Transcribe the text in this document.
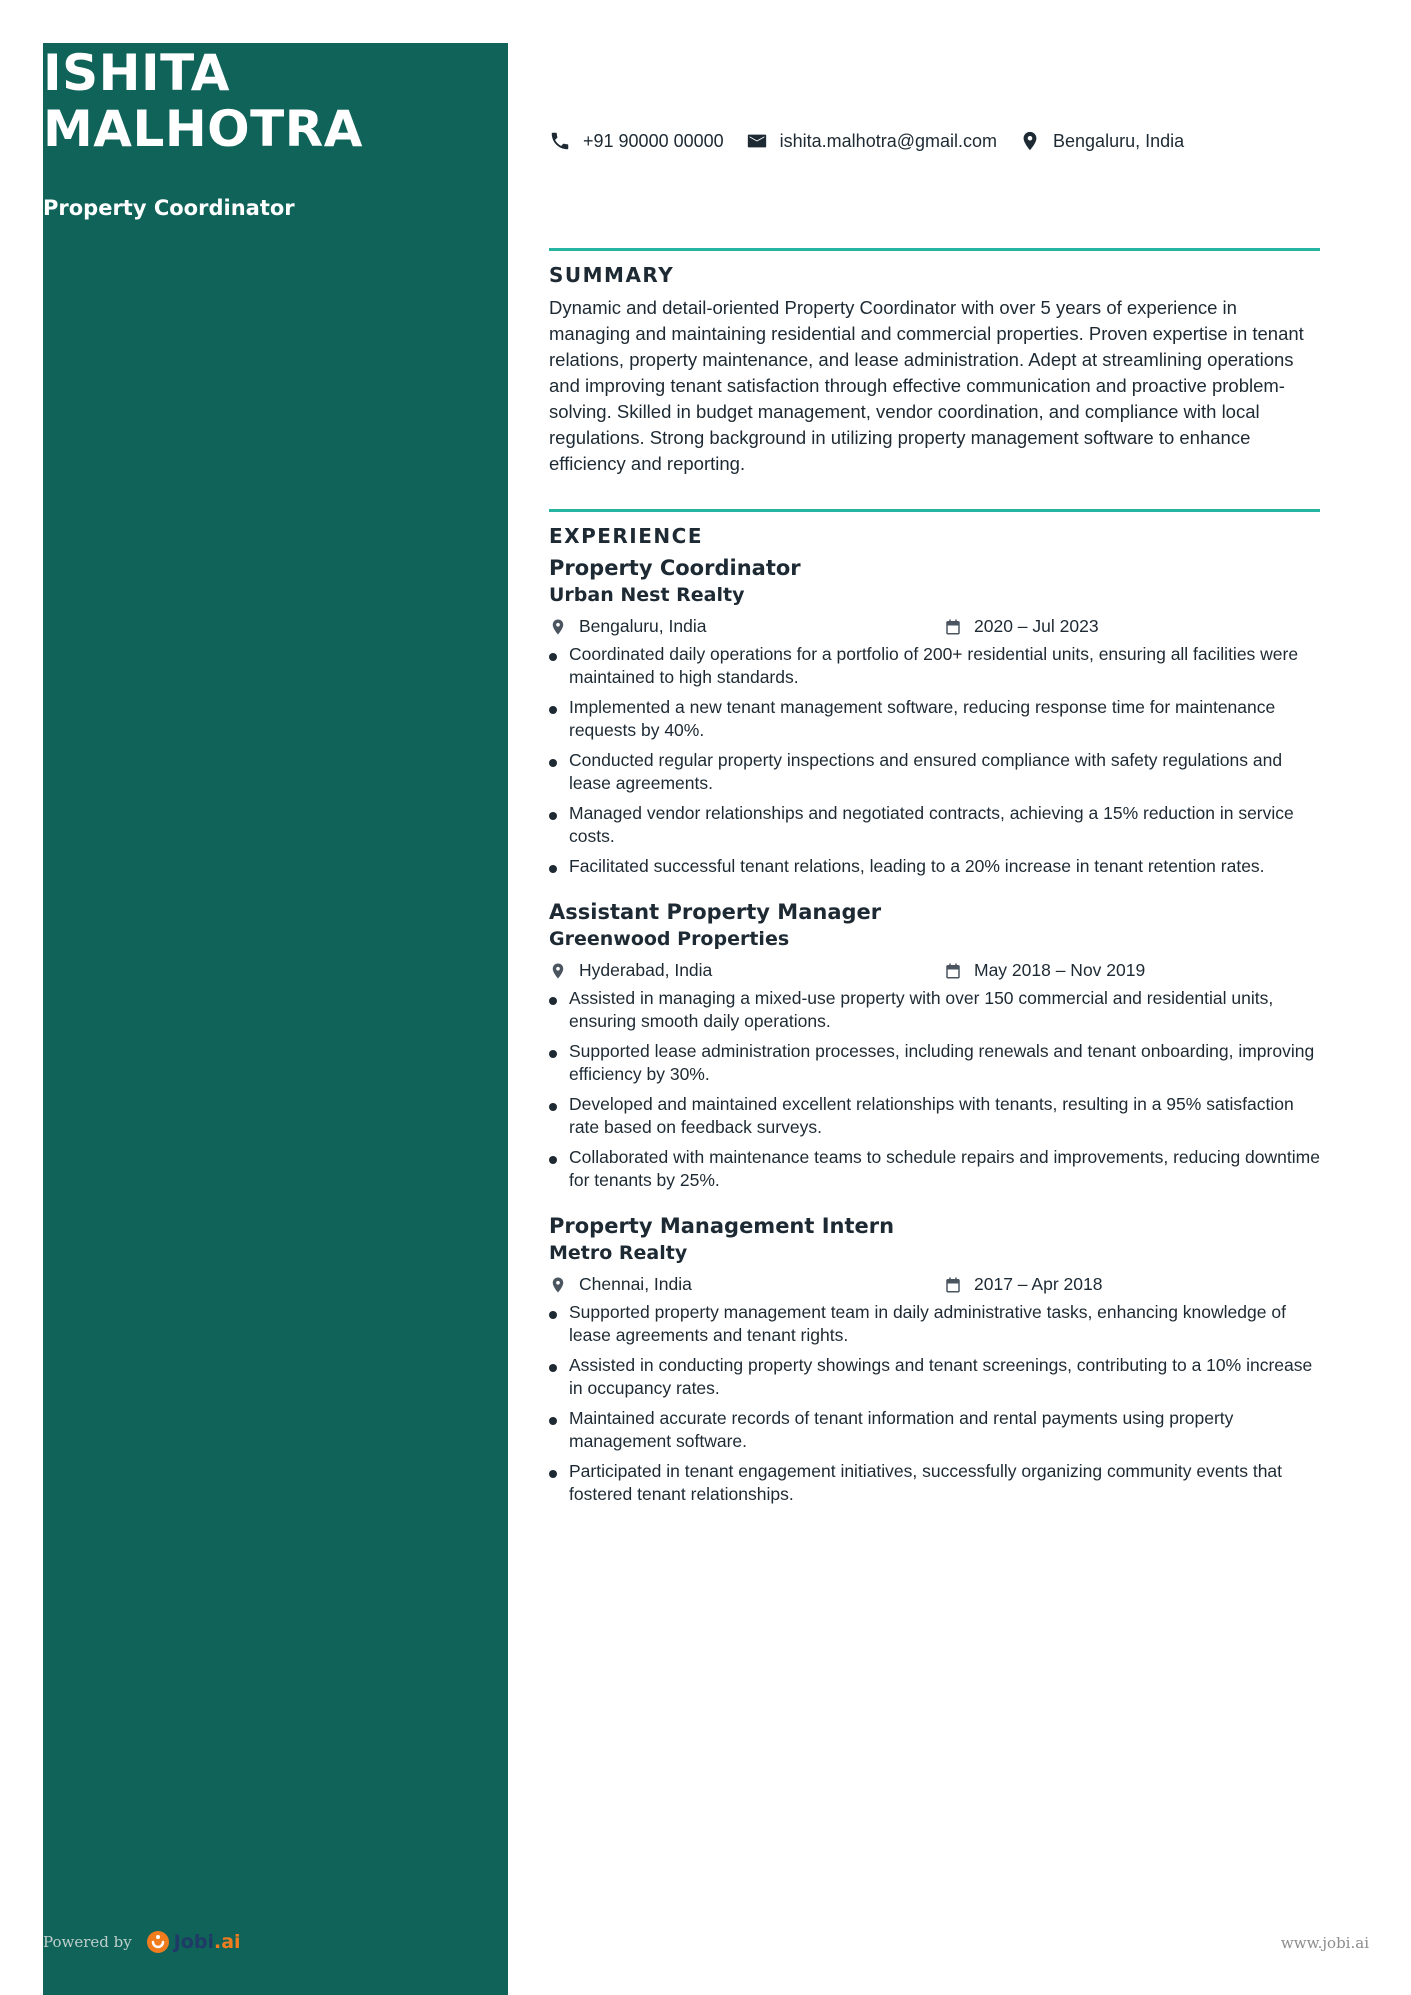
ISHITA
MALHOTRA
Property Coordinator
+91 90000 00000	ishita.malhotra@gmail.com	Bengaluru, India
SUMMARY

Dynamic and detail-oriented Property Coordinator with over 5 years of experience in managing and maintaining residential and commercial properties. Proven expertise in tenant relations, property maintenance, and lease administration. Adept at streamlining operations and improving tenant satisfaction through effective communication and proactive problem-solving. Skilled in budget management, vendor coordination, and compliance with local regulations. Strong background in utilizing property management software to enhance efficiency and reporting.

EXPERIENCE
Property Coordinator
Urban Nest Realty
Bengaluru, India	2020 – Jul 2023
Coordinated daily operations for a portfolio of 200+ residential units, ensuring all facilities were maintained to high standards.
Implemented a new tenant management software, reducing response time for maintenance requests by 40%.
Conducted regular property inspections and ensured compliance with safety regulations and lease agreements.
Managed vendor relationships and negotiated contracts, achieving a 15% reduction in service costs.
Facilitated successful tenant relations, leading to a 20% increase in tenant retention rates.
Assistant Property Manager
Greenwood Properties
Hyderabad, India	May 2018 – Nov 2019
Assisted in managing a mixed-use property with over 150 commercial and residential units, ensuring smooth daily operations.
Supported lease administration processes, including renewals and tenant onboarding, improving efficiency by 30%.
Developed and maintained excellent relationships with tenants, resulting in a 95% satisfaction rate based on feedback surveys.
Collaborated with maintenance teams to schedule repairs and improvements, reducing downtime for tenants by 25%.
Property Management Intern
Metro Realty
Chennai, India	2017 – Apr 2018
Supported property management team in daily administrative tasks, enhancing knowledge of lease agreements and tenant rights.
Assisted in conducting property showings and tenant screenings, contributing to a 10% increase in occupancy rates.
Maintained accurate records of tenant information and rental payments using property management software.
Participated in tenant engagement initiatives, successfully organizing community events that fostered tenant relationships.
Powered by Jobi.ai	www.jobi.ai
